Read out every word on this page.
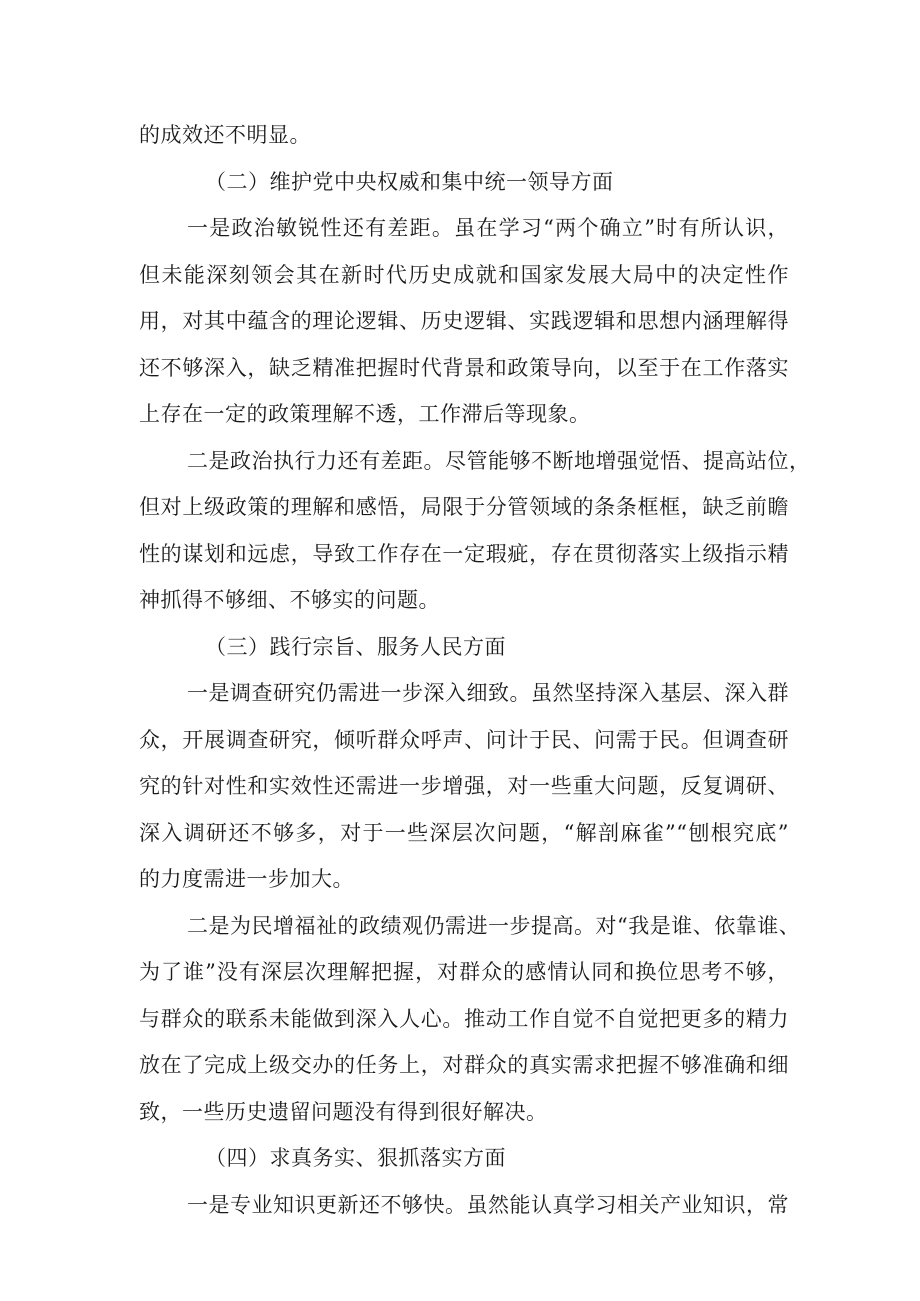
的成效还不明显。
（二）维护党中央权威和集中统一领导方面
一是政治敏锐性还有差距。虽在学习“两个确立”时有所认识，
但未能深刻领会其在新时代历史成就和国家发展大局中的决定性作
用，对其中蕴含的理论逻辑、历史逻辑、实践逻辑和思想内涵理解得
还不够深入，缺乏精准把握时代背景和政策导向，以至于在工作落实
上存在一定的政策理解不透，工作滞后等现象。
二是政治执行力还有差距。尽管能够不断地增强觉悟、提高站位，
但对上级政策的理解和感悟，局限于分管领域的条条框框，缺乏前瞻
性的谋划和远虑，导致工作存在一定瑕疵，存在贯彻落实上级指示精
神抓得不够细、不够实的问题。
（三）践行宗旨、服务人民方面
一是调查研究仍需进一步深入细致。虽然坚持深入基层、深入群
众，开展调查研究，倾听群众呼声、问计于民、问需于民。但调查研
究的针对性和实效性还需进一步增强，对一些重大问题，反复调研、
深入调研还不够多，对于一些深层次问题，“解剖麻雀”“刨根究底”
的力度需进一步加大。
二是为民增福祉的政绩观仍需进一步提高。对“我是谁、依靠谁、
为了谁”没有深层次理解把握，对群众的感情认同和换位思考不够，
与群众的联系未能做到深入人心。推动工作自觉不自觉把更多的精力
放在了完成上级交办的任务上，对群众的真实需求把握不够准确和细
致，一些历史遗留问题没有得到很好解决。
（四）求真务实、狠抓落实方面
一是专业知识更新还不够快。虽然能认真学习相关产业知识，常
